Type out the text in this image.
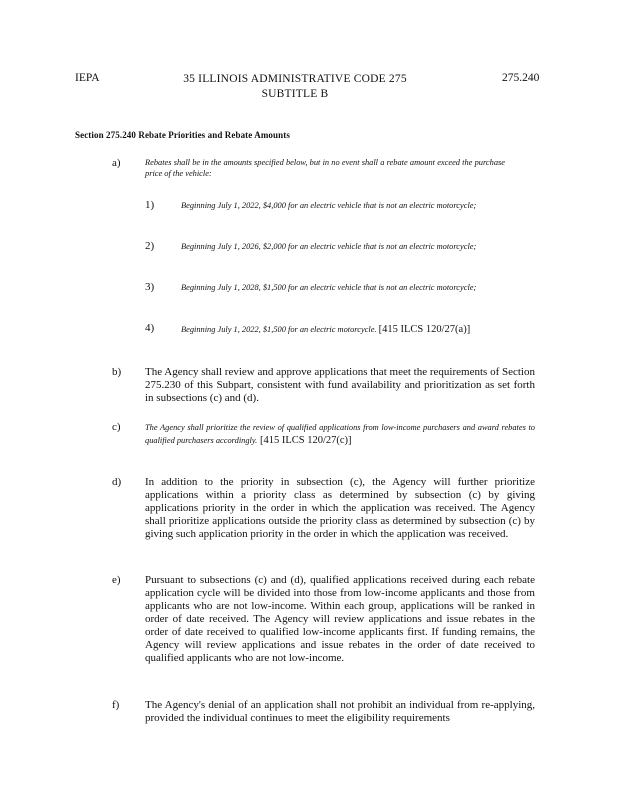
IEPA	35 ILLINOIS ADMINISTRATIVE CODE 275
SUBTITLE B
275.240
Section 275.240 Rebate Priorities and Rebate Amounts
a)	Rebates shall be in the amounts specified below, but in no event shall a rebate amount exceed the purchase price of the vehicle:
1)	Beginning July 1, 2022, $4,000 for an electric vehicle that is not an electric motorcycle;
2)	Beginning July 1, 2026, $2,000 for an electric vehicle that is not an electric motorcycle;
3)	Beginning July 1, 2028, $1,500 for an electric vehicle that is not an electric motorcycle;
4)	Beginning July 1, 2022, $1,500 for an electric motorcycle. [415 ILCS 120/27(a)]
b) The Agency shall review and approve applications that meet the requirements of Section 275.230 of this Subpart, consistent with fund availability and prioritization as set forth in subsections (c) and (d).
c)	The Agency shall prioritize the review of qualified applications from low-income purchasers and award rebates to qualified purchasers accordingly. [415 ILCS 120/27(c)]
d) In addition to the priority in subsection (c), the Agency will further prioritize applications within a priority class as determined by subsection (c) by giving applications priority in the order in which the application was received. The Agency shall prioritize applications outside the priority class as determined by subsection (c) by giving such application priority in the order in which the application was received.
e) Pursuant to subsections (c) and (d), qualified applications received during each rebate application cycle will be divided into those from low-income applicants and those from applicants who are not low-income. Within each group, applications will be ranked in order of date received. The Agency will review applications and issue rebates in the order of date received to qualified low-income applicants first. If funding remains, the Agency will review applications and issue rebates in the order of date received to qualified applicants who are not low-income.
f) The Agency's denial of an application shall not prohibit an individual from re-applying, provided the individual continues to meet the eligibility requirements
